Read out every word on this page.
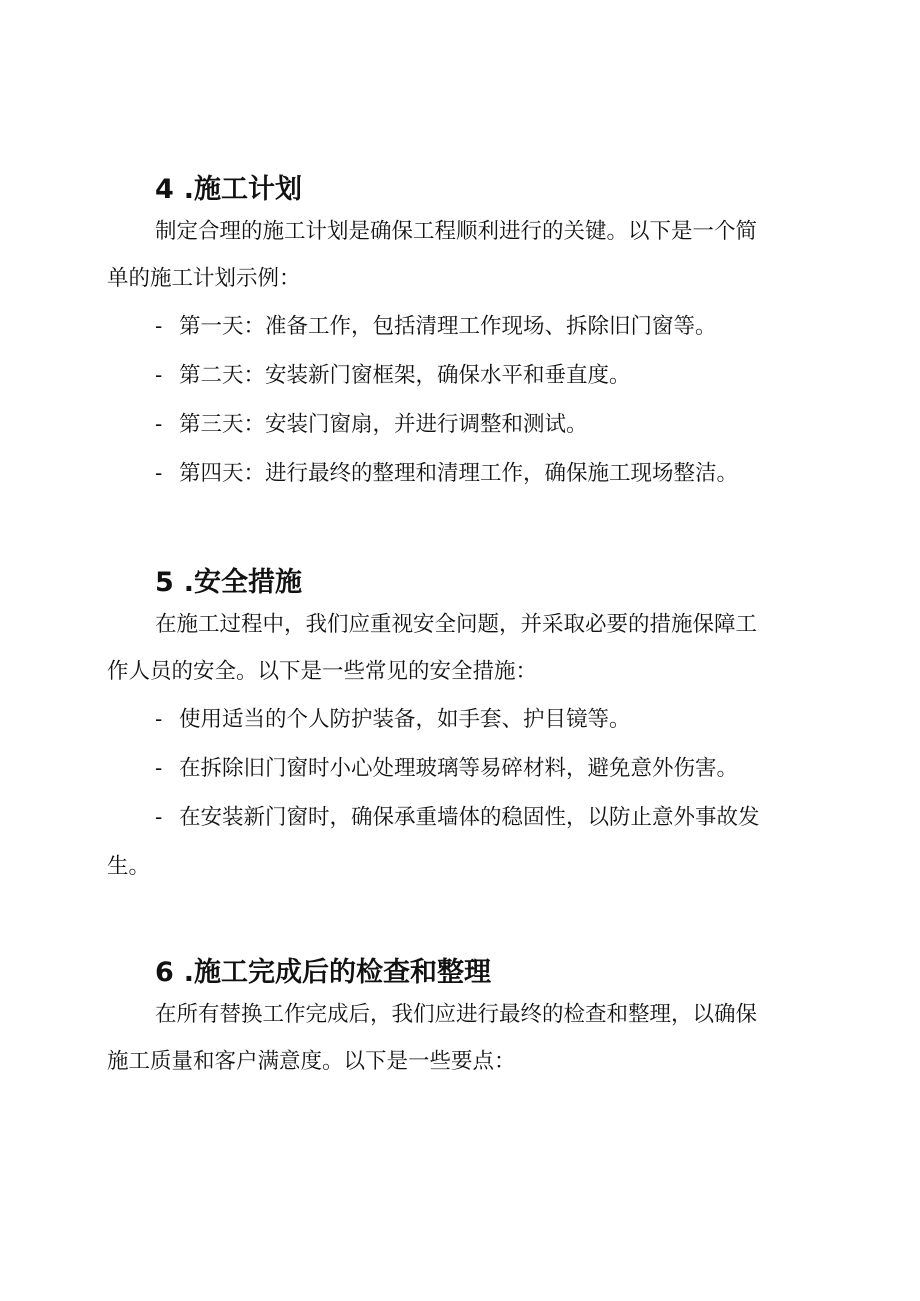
4 .施工计划
制定合理的施工计划是确保工程顺利进行的关键。以下是一个简
单的施工计划示例：
- 第一天：准备工作，包括清理工作现场、拆除旧门窗等。
- 第二天：安装新门窗框架，确保水平和垂直度。
- 第三天：安装门窗扇，并进行调整和测试。
- 第四天：进行最终的整理和清理工作，确保施工现场整洁。
5 .安全措施
在施工过程中，我们应重视安全问题，并采取必要的措施保障工
作人员的安全。以下是一些常见的安全措施：
- 使用适当的个人防护装备，如手套、护目镜等。
- 在拆除旧门窗时小心处理玻璃等易碎材料，避免意外伤害。
- 在安装新门窗时，确保承重墙体的稳固性，以防止意外事故发
生。
6 .施工完成后的检查和整理
在所有替换工作完成后，我们应进行最终的检查和整理，以确保
施工质量和客户满意度。以下是一些要点：
